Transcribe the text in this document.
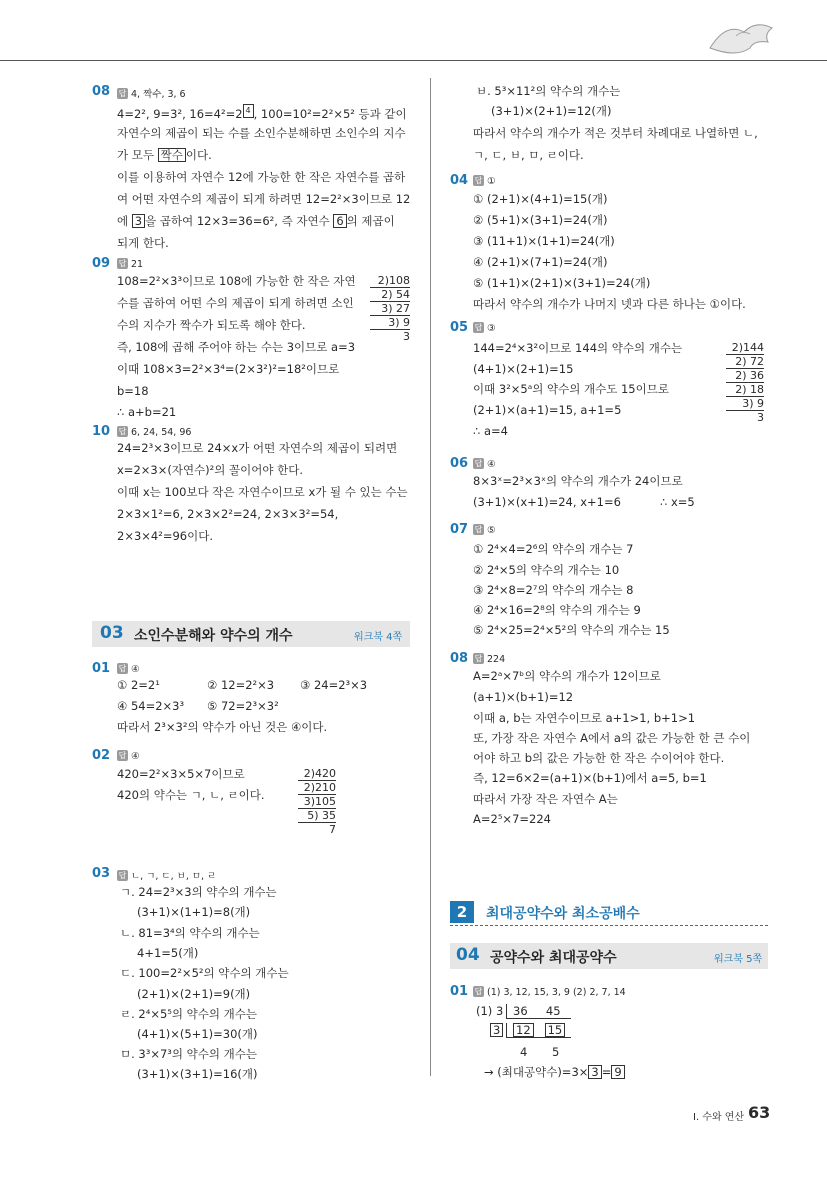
08 답 4, 짝수, 3, 6
4=2², 9=3², 16=4²=2 $^4$ , 100=10²=2²×5² 등과 같이
자연수의 제곱이 되는 수를 소인수분해하면 소인수의 지수
가 모두 짝수 이다.
이를 이용하여 자연수 12에 가능한 한 작은 자연수를 곱하
여 어떤 자연수의 제곱이 되게 하려면 12=2²×3이므로 12
에 3 을 곱하여 12×3=36=6², 즉 자연수 6 의 제곱이
되게 한다.
09 답 21
108=2²×3³이므로 108에 가능한 한 작은 자연
수를 곱하여 어떤 수의 제곱이 되게 하려면 소인
수의 지수가 짝수가 되도록 해야 한다.
즉, 108에 곱해 주어야 하는 수는 3이므로 a=3
이때 108×3=2²×3⁴=(2×3²)²=18²이므로
b=18
∴ a+b=21
2)108
2) 54
3) 27
3) 9
3
10 답 6, 24, 54, 96
24=2³×3이므로 24×x가 어떤 자연수의 제곱이 되려면
x=2×3×(자연수)²의 꼴이어야 한다.
이때 x는 100보다 작은 자연수이므로 x가 될 수 있는 수는
2×3×1²=6, 2×3×2²=24, 2×3×3²=54,
2×3×4²=96이다.
03 소인수분해와 약수의 개수	워크북 4쪽
01 답 ④
① 2=2¹	② 12=2²×3 ③ 24=2³×3
④ 54=2×3³ ⑤ 72=2³×3²
따라서 2³×3²의 약수가 아닌 것은 ④이다.
02 답 ④
420=2²×3×5×7이므로
420의 약수는 ㄱ, ㄴ, ㄹ이다.
2)420
2)210
3)105
5) 35
7
03 답 ㄴ, ㄱ, ㄷ, ㅂ, ㅁ, ㄹ
ㄱ. 24=2³×3의 약수의 개수는
(3+1)×(1+1)=8(개)
ㄴ. 81=3⁴의 약수의 개수는
4+1=5(개)
ㄷ. 100=2²×5²의 약수의 개수는
(2+1)×(2+1)=9(개)
ㄹ. 2⁴×5⁵의 약수의 개수는
(4+1)×(5+1)=30(개)
ㅁ. 3³×7³의 약수의 개수는
(3+1)×(3+1)=16(개)
ㅂ. 5³×11²의 약수의 개수는
(3+1)×(2+1)=12(개)
따라서 약수의 개수가 적은 것부터 차례대로 나열하면 ㄴ,
ㄱ, ㄷ, ㅂ, ㅁ, ㄹ이다.
04 답 ①
① (2+1)×(4+1)=15(개)
② (5+1)×(3+1)=24(개)
③ (11+1)×(1+1)=24(개)
④ (2+1)×(7+1)=24(개)
⑤ (1+1)×(2+1)×(3+1)=24(개)
따라서 약수의 개수가 나머지 넷과 다른 하나는 ①이다.
05 답 ③
144=2⁴×3²이므로 144의 약수의 개수는
(4+1)×(2+1)=15
이때 3²×5ᵃ의 약수의 개수도 15이므로
(2+1)×(a+1)=15, a+1=5
∴ a=4
2)144
2) 72
2) 36
2) 18
3) 9
3
06 답 ④
8×3ˣ=2³×3ˣ의 약수의 개수가 24이므로
(3+1)×(x+1)=24, x+1=6	∴ x=5
07 답 ⑤
① 2⁴×4=2⁶의 약수의 개수는 7
② 2⁴×5의 약수의 개수는 10
③ 2⁴×8=2⁷의 약수의 개수는 8
④ 2⁴×16=2⁸의 약수의 개수는 9
⑤ 2⁴×25=2⁴×5²의 약수의 개수는 15
08 답 224
A=2ᵃ×7ᵇ의 약수의 개수가 12이므로
(a+1)×(b+1)=12
이때 a, b는 자연수이므로 a+1>1, b+1>1
또, 가장 작은 자연수 A에서 a의 값은 가능한 한 큰 수이
어야 하고 b의 값은 가능한 한 작은 수이어야 한다.
즉, 12=6×2=(a+1)×(b+1)에서 a=5, b=1
따라서 가장 작은 자연수 A는
A=2⁵×7=224
2	최대공약수와 최소공배수
04 공약수와 최대공약수	워크북 5쪽
01 답 (1) 3, 12, 15, 3, 9 (2) 2, 7, 14
(1) 3 36 45
3	12 15
4 5
→ (최대공약수)=3× 3 = 9
Ⅰ. 수와 연산 63
